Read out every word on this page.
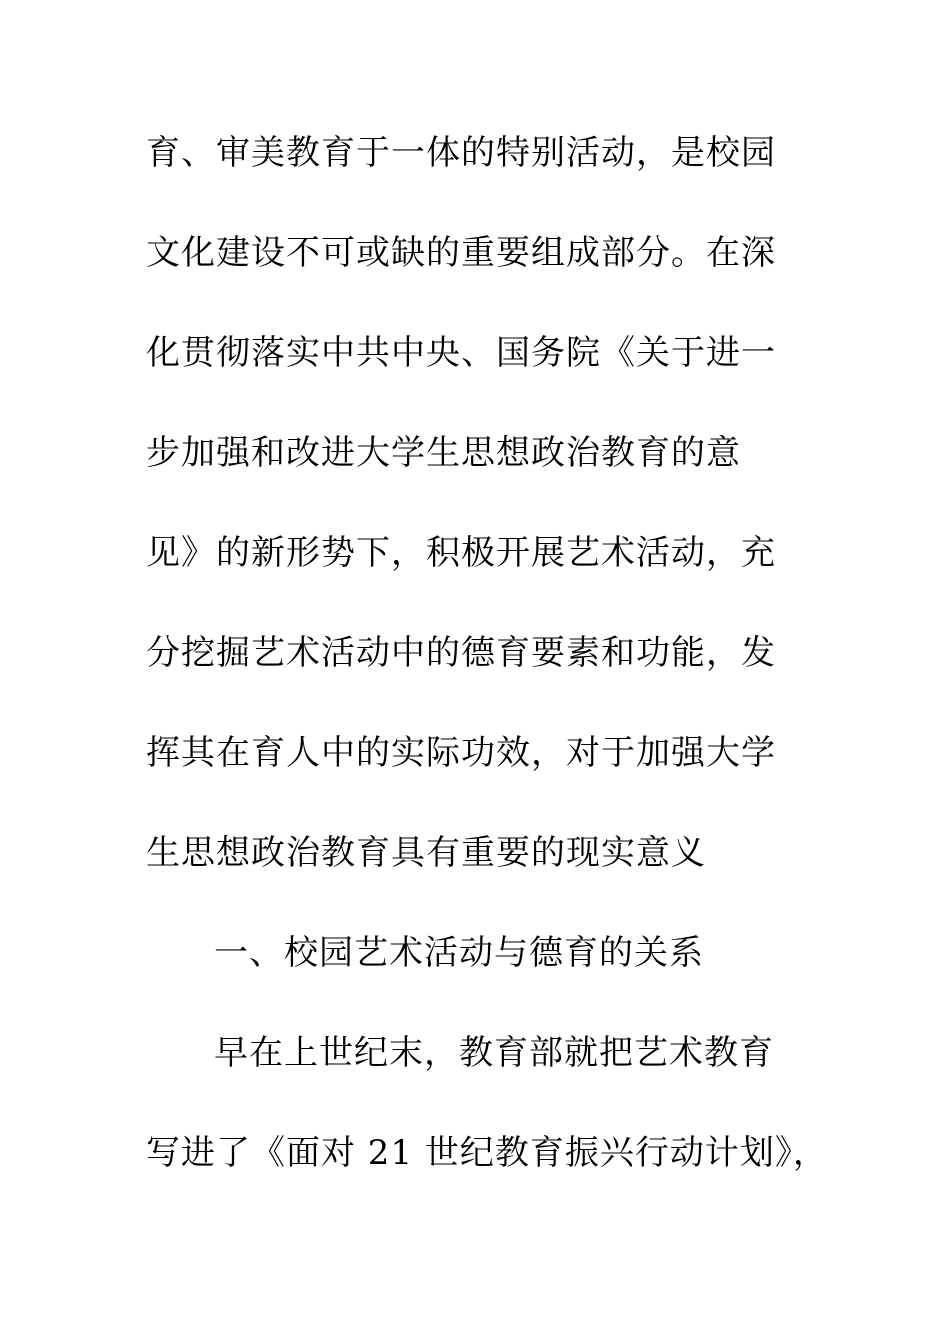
育、审美教育于一体的特别活动，是校园
文化建设不可或缺的重要组成部分。在深
化贯彻落实中共中央、国务院《关于进一
步加强和改进大学生思想政治教育的意
见》的新形势下，积极开展艺术活动，充
分挖掘艺术活动中的德育要素和功能，发
挥其在育人中的实际功效，对于加强大学
生思想政治教育具有重要的现实意义
一、校园艺术活动与德育的关系
早在上世纪末，教育部就把艺术教育
写进了《面对 21 世纪教育振兴行动计划》，
